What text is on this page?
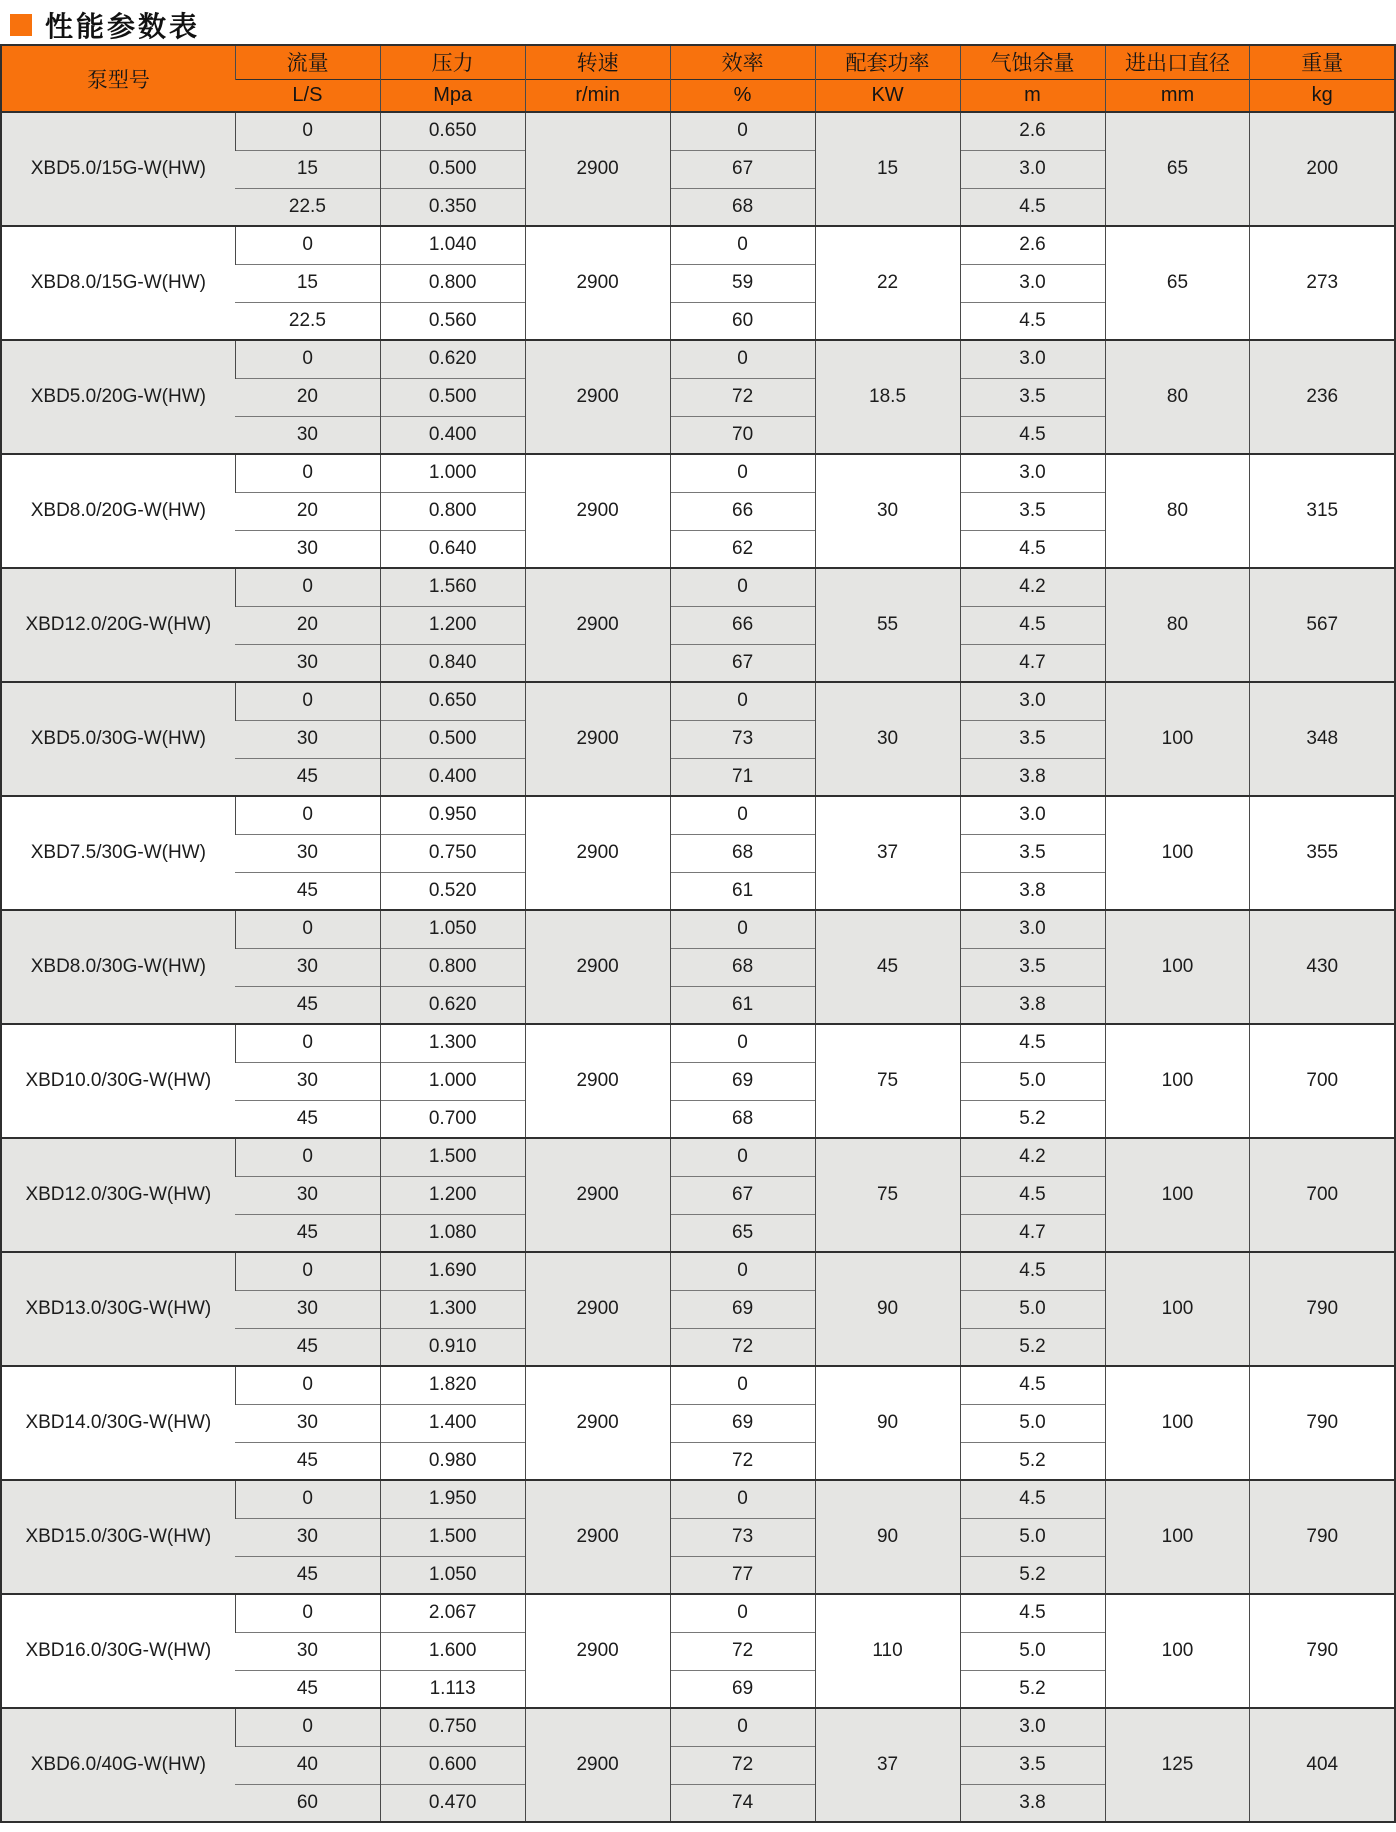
性能参数表
泵型号	流量	压力	转速	效率	配套功率	气蚀余量	进出口直径	重量
	L/S	Mpa	r/min	%	KW	m	mm	kg
XBD5.0/15G-W(HW)	0	0.650	2900	0	15	2.6	65	200
	15	0.500		67		3.0		
	22.5	0.350		68		4.5		
XBD8.0/15G-W(HW)	0	1.040	2900	0	22	2.6	65	273
	15	0.800		59		3.0		
	22.5	0.560		60		4.5		
XBD5.0/20G-W(HW)	0	0.620	2900	0	18.5	3.0	80	236
	20	0.500		72		3.5		
	30	0.400		70		4.5		
XBD8.0/20G-W(HW)	0	1.000	2900	0	30	3.0	80	315
	20	0.800		66		3.5		
	30	0.640		62		4.5		
XBD12.0/20G-W(HW)	0	1.560	2900	0	55	4.2	80	567
	20	1.200		66		4.5		
	30	0.840		67		4.7		
XBD5.0/30G-W(HW)	0	0.650	2900	0	30	3.0	100	348
	30	0.500		73		3.5		
	45	0.400		71		3.8		
XBD7.5/30G-W(HW)	0	0.950	2900	0	37	3.0	100	355
	30	0.750		68		3.5		
	45	0.520		61		3.8		
XBD8.0/30G-W(HW)	0	1.050	2900	0	45	3.0	100	430
	30	0.800		68		3.5		
	45	0.620		61		3.8		
XBD10.0/30G-W(HW)	0	1.300	2900	0	75	4.5	100	700
	30	1.000		69		5.0		
	45	0.700		68		5.2		
XBD12.0/30G-W(HW)	0	1.500	2900	0	75	4.2	100	700
	30	1.200		67		4.5		
	45	1.080		65		4.7		
XBD13.0/30G-W(HW)	0	1.690	2900	0	90	4.5	100	790
	30	1.300		69		5.0		
	45	0.910		72		5.2		
XBD14.0/30G-W(HW)	0	1.820	2900	0	90	4.5	100	790
	30	1.400		69		5.0		
	45	0.980		72		5.2		
XBD15.0/30G-W(HW)	0	1.950	2900	0	90	4.5	100	790
	30	1.500		73		5.0		
	45	1.050		77		5.2		
XBD16.0/30G-W(HW)	0	2.067	2900	0	110	4.5	100	790
	30	1.600		72		5.0		
	45	1.113		69		5.2		
XBD6.0/40G-W(HW)	0	0.750	2900	0	37	3.0	125	404
	40	0.600		72		3.5		
	60	0.470		74		3.8		
